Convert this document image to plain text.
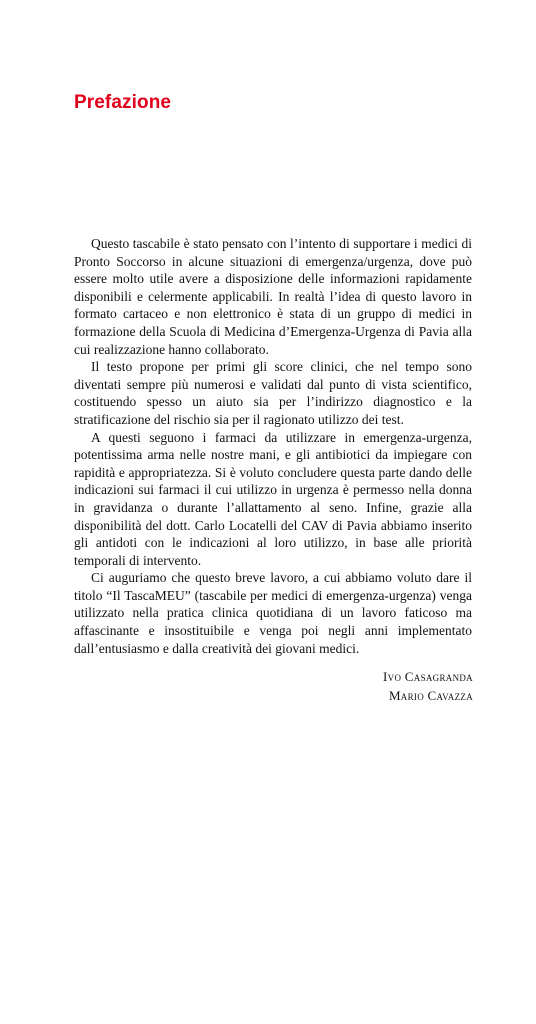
Prefazione

Questo tascabile è stato pensato con l’intento di supportare i medici di Pronto Soccorso in alcune situazioni di emergenza/urgenza, dove può essere molto utile avere a disposizione delle informazioni rapidamente disponibili e celermente applicabili. In realtà l’idea di questo lavoro in formato cartaceo e non elettronico è stata di un gruppo di medici in formazione della Scuola di Medicina d’Emergenza-Urgenza di Pavia alla cui realizzazione hanno collaborato.

Il testo propone per primi gli score clinici, che nel tempo sono diventati sempre più numerosi e validati dal punto di vista scientifico, costituendo spesso un aiuto sia per l’indirizzo diagnostico e la stratificazione del rischio sia per il ragionato utilizzo dei test.

A questi seguono i farmaci da utilizzare in emergenza-urgenza, potentissima arma nelle nostre mani, e gli antibiotici da impiegare con rapidità e appropriatezza. Si è voluto concludere questa parte dando delle indicazioni sui farmaci il cui utilizzo in urgenza è permesso nella donna in gravidanza o durante l’allattamento al seno. Infine, grazie alla disponibilità del dott. Carlo Locatelli del CAV di Pavia abbiamo inserito gli antidoti con le indicazioni al loro utilizzo, in base alle priorità temporali di intervento.

Ci auguriamo che questo breve lavoro, a cui abbiamo voluto dare il titolo “Il TascaMEU” (tascabile per medici di emergenza-urgenza) venga utilizzato nella pratica clinica quotidiana di un lavoro faticoso ma affascinante e insostituibile e venga poi negli anni implementato dall’entusiasmo e dalla creatività dei giovani medici.

Ivo Casagranda
Mario Cavazza
